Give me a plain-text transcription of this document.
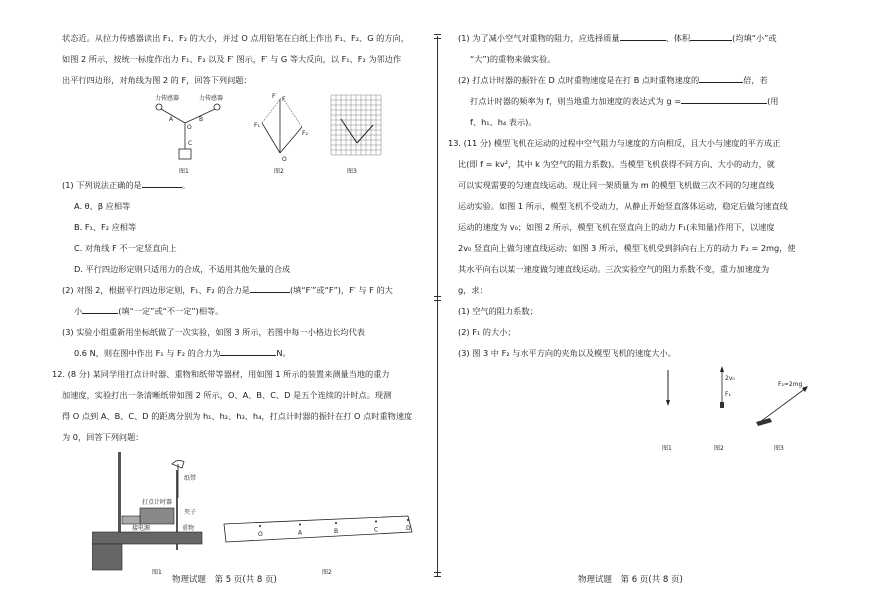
状态近。从拉力传感器读出 F₁、F₂ 的大小，并过 O 点用铅笔在白纸上作出 F₁、F₂、G 的方向，

如图 2 所示，按统一标度作出力 F₁、F₂ 以及 F′ 图示，F′ 与 G 等大反向，以 F₁、F₂ 为邻边作

出平行四边形，对角线为图 2 的 F，回答下列问题：

力传感器	力传感器
A	B
C
O
图1
F
F′
F₁
F₂
O
图2	图3

(1) 下列说法正确的是	。

A. θ、β 应相等

B. F₁、F₂ 应相等

C. 对角线 F 不一定竖直向上

D. 平行四边形定则只适用力的合成，不适用其他矢量的合成

(2) 对图 2，根据平行四边形定则，F₁、F₂ 的合力是	(填“F′”或“F”)，F′ 与 F 的大

小	(填“一定”或“不一定”)相等。

(3) 实验小组重新用坐标纸做了一次实验，如图 3 所示，若图中每一小格边长均代表

0.6 N，则在图中作出 F₁ 与 F₂ 的合力为	N。

12. (8 分) 某同学用打点计时器、重物和纸带等器材，用如图 1 所示的装置来测量当地的重力

加速度，实验打出一条清晰纸带如图 2 所示，O、A、B、C、D 是五个连续的计时点。现测

得 O 点到 A、B、C、D 的距离分别为 h₁、h₂、h₃、h₄，打点计时器的振针在打 O 点时重物速度

为 0，回答下列问题：

纸带
打点计时器
夹子
接电源	重物
图1
O	A	B	C	D
图2
物理试题　第 5 页(共 8 页)

(1) 为了减小空气对重物的阻力，应选择质量	、体积	(均填“小”或

“大”)的重物来做实验。

(2) 打点计时器的振针在 D 点时重物速度是在打 B 点时重物速度的	倍，若

打点计时器的频率为 f，则当地重力加速度的表达式为 g =	(用

f、h₁、h₄ 表示)。

13. (11 分) 模型飞机在运动的过程中空气阻力与速度的方向相反，且大小与速度的平方成正

比(即 f = kv²，其中 k 为空气的阻力系数)。当模型飞机获得不同方向、大小的动力，就

可以实现需要的匀速直线运动。现让同一架质量为 m 的模型飞机做三次不同的匀速直线

运动实验。如图 1 所示，模型飞机不受动力，从静止开始竖直落体运动，稳定后做匀速直线

运动的速度为 v₀；如图 2 所示，模型飞机在竖直向上的动力 F₁(未知量)作用下，以速度

2v₀ 竖直向上做匀速直线运动；如图 3 所示，模型飞机受到斜向右上方的动力 F₂ = 2mg，使

其水平向右以某一速度做匀速直线运动。三次实验空气的阻力系数不变，重力加速度为

g，求：

(1) 空气的阻力系数；

(2) F₁ 的大小；

(3) 图 3 中 F₂ 与水平方向的夹角以及模型飞机的速度大小。

2v₀
F₁
F₂=2mg
图1	图2	图3
物理试题　第 6 页(共 8 页)
